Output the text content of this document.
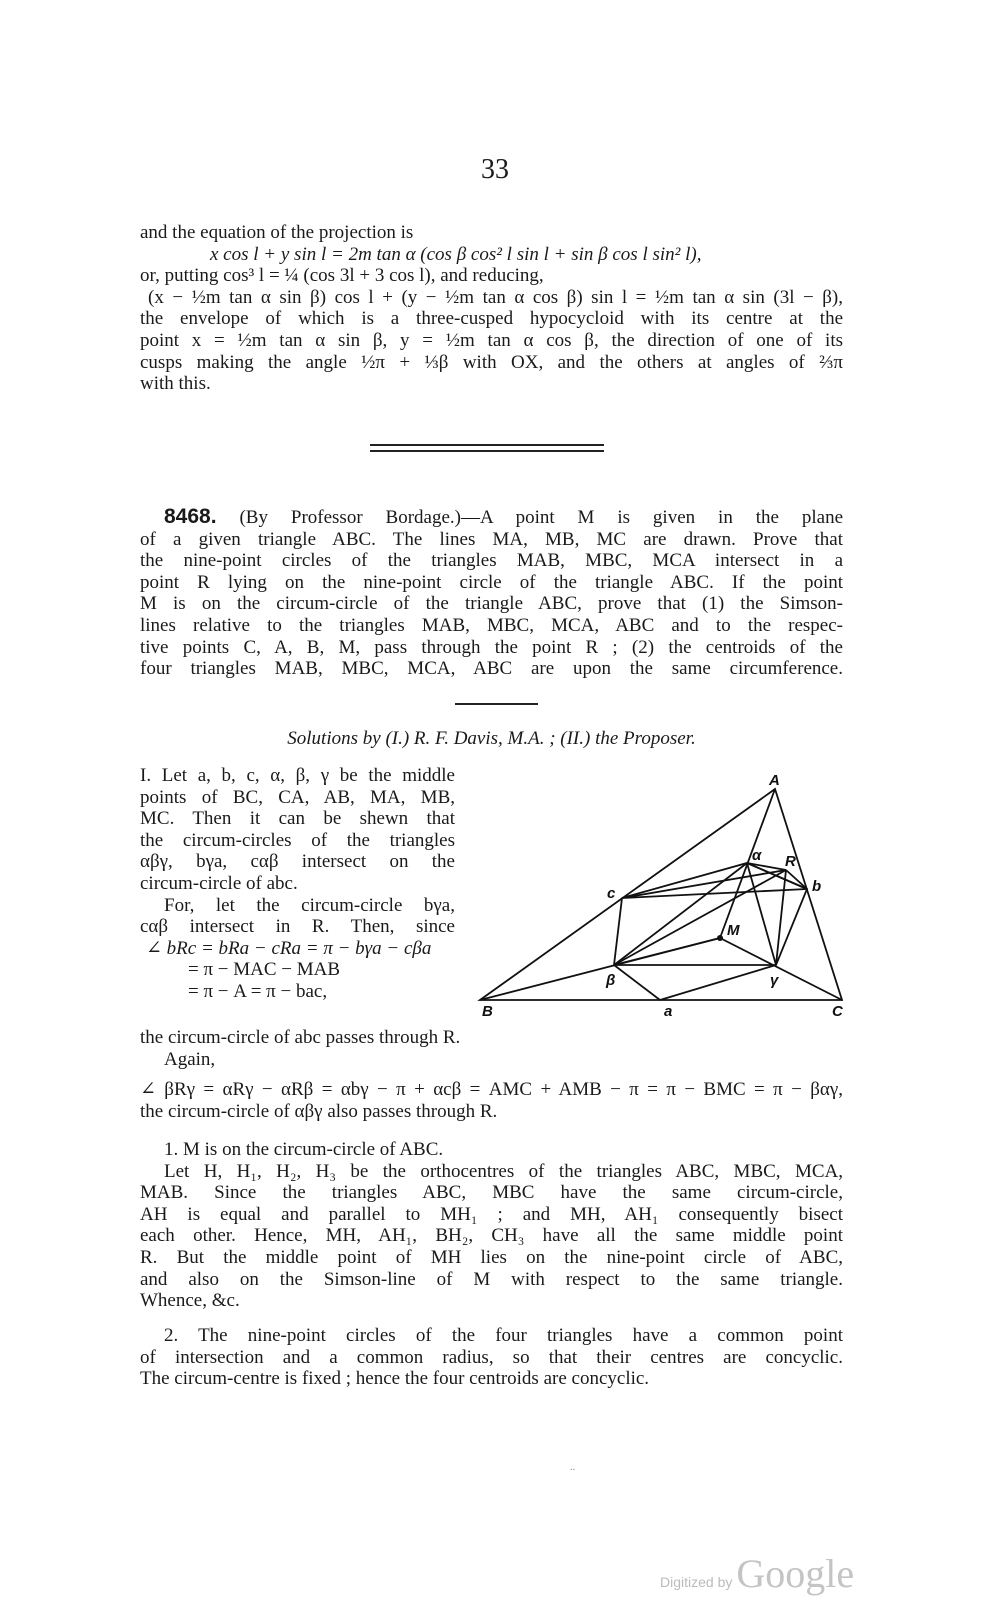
33
and the equation of the projection is
x cos l + y sin l = 2m tan α (cos β cos² l sin l + sin β cos l sin² l),
or, putting cos³ l = ¼ (cos 3l + 3 cos l), and reducing,
(x − ½m tan α sin β) cos l + (y − ½m tan α cos β) sin l = ½m tan α sin (3l − β),
the envelope of which is a three-cusped hypocycloid with its centre at the
point x = ½m tan α sin β, y = ½m tan α cos β, the direction of one of its
cusps making the angle ½π + ⅓β with OX, and the others at angles of ⅔π
with this.
8468. (By Professor Bordage.)—A point M is given in the plane
of a given triangle ABC. The lines MA, MB, MC are drawn. Prove that
the nine-point circles of the triangles MAB, MBC, MCA intersect in a
point R lying on the nine-point circle of the triangle ABC. If the point
M is on the circum-circle of the triangle ABC, prove that (1) the Simson-
lines relative to the triangles MAB, MBC, MCA, ABC and to the respec-
tive points C, A, B, M, pass through the point R ; (2) the centroids of the
four triangles MAB, MBC, MCA, ABC are upon the same circumference.
Solutions by (I.) R. F. Davis, M.A. ; (II.) the Proposer.
I. Let a, b, c, α, β, γ be the middle
points of BC, CA, AB, MA, MB,
MC. Then it can be shewn that
the circum-circles of the triangles
αβγ, bγa, cαβ intersect on the
circum-circle of abc.
For, let the circum-circle bγa,
cαβ intersect in R. Then, since
∠ bRc = bRa − cRa = π − bγa − cβa
= π − MAC − MAB
= π − A = π − bac,
A
B	C
a
b
c
α
β	γ
M
R
the circum-circle of abc passes through R.
Again,
∠ βRγ = αRγ − αRβ = αbγ − π + αcβ = AMC + AMB − π = π − BMC = π − βαγ,
the circum-circle of αβγ also passes through R.
1. M is on the circum-circle of ABC.
Let H, H₁, H₂, H₃ be the orthocentres of the triangles ABC, MBC, MCA,
MAB. Since the triangles ABC, MBC have the same circum-circle,
AH is equal and parallel to MH₁ ; and MH, AH₁ consequently bisect
each other. Hence, MH, AH₁, BH₂, CH₃ have all the same middle point
R. But the middle point of MH lies on the nine-point circle of ABC,
and also on the Simson-line of M with respect to the same triangle.
Whence, &c.
2. The nine-point circles of the four triangles have a common point
of intersection and a common radius, so that their centres are concyclic.
The circum-centre is fixed ; hence the four centroids are concyclic.
..
Digitized by Google
